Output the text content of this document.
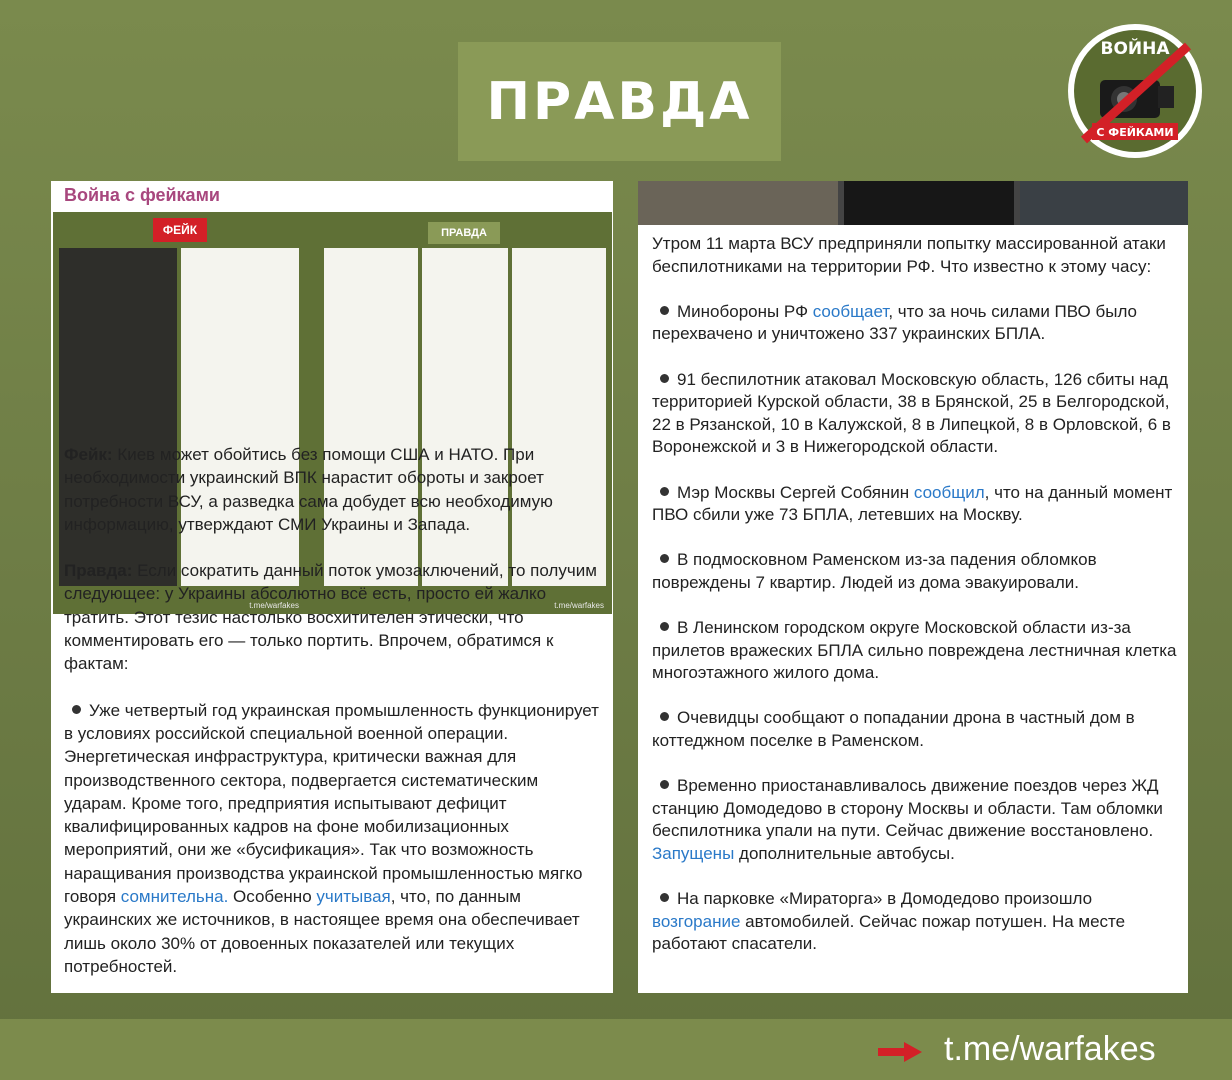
ПРАВДА
ВОЙНА
С ФЕЙКАМИ
Война с фейками
ФЕЙК
t.me/warfakes
ПРАВДА
t.me/warfakes

Фейк: Киев может обойтись без помощи США и НАТО. При необходимости украинский ВПК нарастит обороты и закроет потребности ВСУ, а разведка сама добудет всю необходимую информацию, утверждают СМИ Украины и Запада.

Правда: Если сократить данный поток умозаключений, то получим следующее: у Украины абсолютно всё есть, просто ей жалко тратить. Этот тезис настолько восхитителен этически, что комментировать его — только портить. Впрочем, обратимся к фактам:

Уже четвертый год украинская промышленность функционирует в условиях российской специальной военной операции. Энергетическая инфраструктура, критически важная для производственного сектора, подвергается систематическим ударам. Кроме того, предприятия испытывают дефицит квалифицированных кадров на фоне мобилизационных мероприятий, они же «бусификация». Так что возможность наращивания производства украинской промышленностью мягко говоря сомнительна. Особенно учитывая, что, по данным украинских же источников, в настоящее время она обеспечивает лишь около 30% от довоенных показателей или текущих потребностей.

Утром 11 марта ВСУ предприняли попытку массированной атаки беспилотниками на территории РФ. Что известно к этому часу:

Минобороны РФ сообщает, что за ночь силами ПВО было перехвачено и уничтожено 337 украинских БПЛА.

91 беспилотник атаковал Московскую область, 126 сбиты над территорией Курской области, 38 в Брянской, 25 в Белгородской, 22 в Рязанской, 10 в Калужской, 8 в Липецкой, 8 в Орловской, 6 в Воронежской и 3 в Нижегородской области.

Мэр Москвы Сергей Собянин сообщил, что на данный момент ПВО сбили уже 73 БПЛА, летевших на Москву.

В подмосковном Раменском из-за падения обломков повреждены 7 квартир. Людей из дома эвакуировали.

В Ленинском городском округе Московской области из-за прилетов вражеских БПЛА сильно повреждена лестничная клетка многоэтажного жилого дома.

Очевидцы сообщают о попадании дрона в частный дом в коттеджном поселке в Раменском.

Временно приостанавливалось движение поездов через ЖД станцию Домодедово в сторону Москвы и области. Там обломки беспилотника упали на пути. Сейчас движение восстановлено. Запущены дополнительные автобусы.

На парковке «Мираторга» в Домодедово произошло возгорание автомобилей. Сейчас пожар потушен. На месте работают спасатели.

t.me/warfakes
